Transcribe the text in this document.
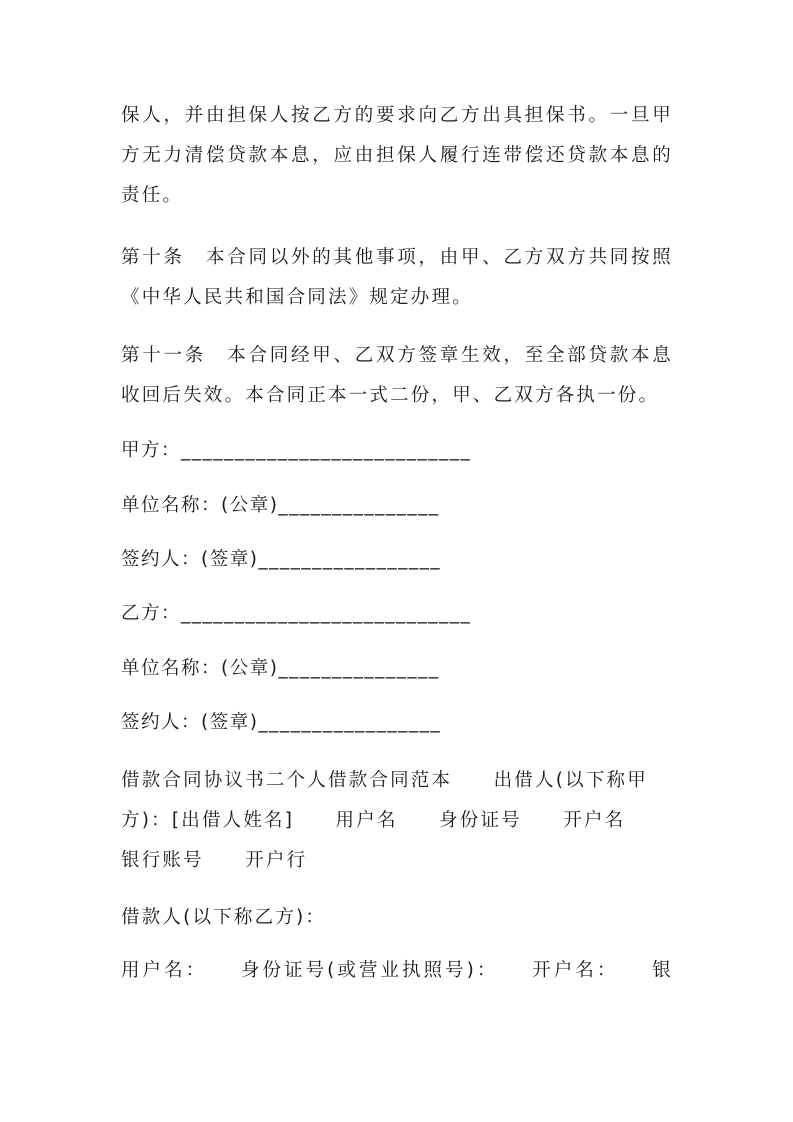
保人，并由担保人按乙方的要求向乙方出具担保书。一旦甲
方无力清偿贷款本息，应由担保人履行连带偿还贷款本息的
责任。
第十条　本合同以外的其他事项，由甲、乙方双方共同按照
《中华人民共和国合同法》规定办理。
第十一条　本合同经甲、乙双方签章生效，至全部贷款本息
收回后失效。本合同正本一式二份，甲、乙双方各执一份。
甲方：___________________________
单位名称：(公章)_______________
签约人：(签章)_________________
乙方：___________________________
单位名称：(公章)_______________
签约人：(签章)_________________
借款合同协议书二个人借款合同范本　　出借人(以下称甲
方)：[出借人姓名]　　用户名　　身份证号　　开户名
银行账号　　开户行
借款人(以下称乙方)：
用户名：　　身份证号(或营业执照号)：　　开户名：　　银
